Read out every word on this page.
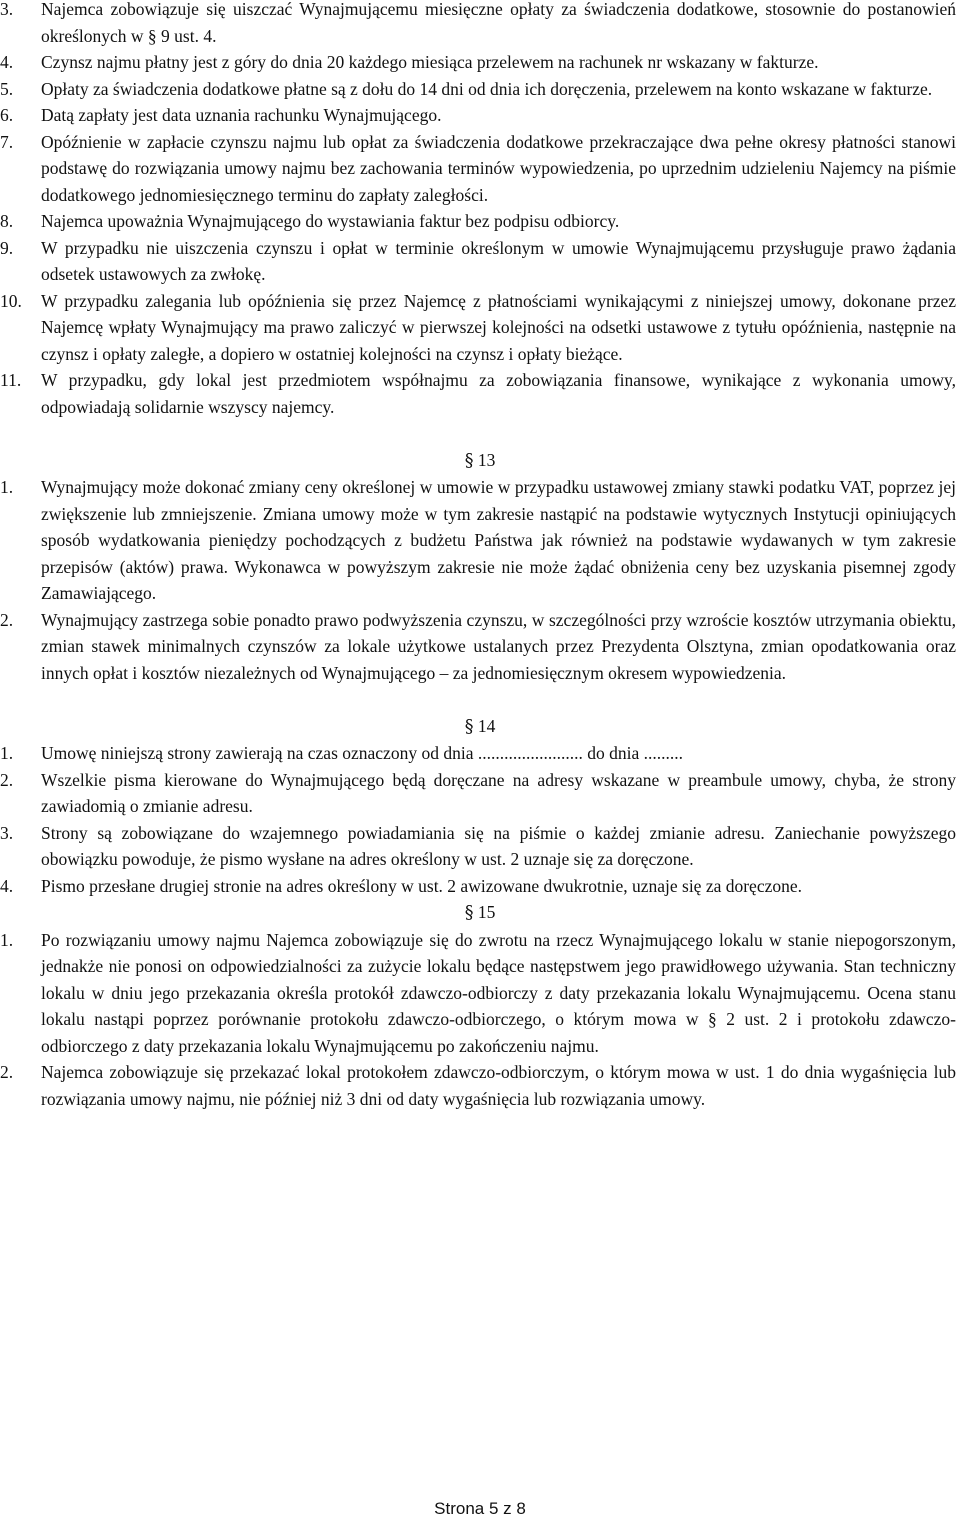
3. Najemca zobowiązuje się uiszczać Wynajmującemu miesięczne opłaty za świadczenia dodatkowe, stosownie do postanowień określonych w § 9 ust. 4.
4. Czynsz najmu płatny jest z góry do dnia 20 każdego miesiąca przelewem na rachunek nr wskazany w fakturze.
5. Opłaty za świadczenia dodatkowe płatne są z dołu do 14 dni od dnia ich doręczenia, przelewem na konto wskazane w fakturze.
6. Datą zapłaty jest data uznania rachunku Wynajmującego.
7. Opóźnienie w zapłacie czynszu najmu lub opłat za świadczenia dodatkowe przekraczające dwa pełne okresy płatności stanowi podstawę do rozwiązania umowy najmu bez zachowania terminów wypowiedzenia, po uprzednim udzieleniu Najemcy na piśmie dodatkowego jednomiesięcznego terminu do zapłaty zaległości.
8. Najemca upoważnia Wynajmującego do wystawiania faktur bez podpisu odbiorcy.
9. W przypadku nie uiszczenia czynszu i opłat w terminie określonym w umowie Wynajmującemu przysługuje prawo żądania odsetek ustawowych za zwłokę.
10. W przypadku zalegania lub opóźnienia się przez Najemcę z płatnościami wynikającymi z niniejszej umowy, dokonane przez Najemcę wpłaty Wynajmujący ma prawo zaliczyć w pierwszej kolejności na odsetki ustawowe z tytułu opóźnienia, następnie na czynsz i opłaty zaległe, a dopiero w ostatniej kolejności na czynsz i opłaty bieżące.
11. W przypadku, gdy lokal jest przedmiotem współnajmu za zobowiązania finansowe, wynikające z wykonania umowy, odpowiadają solidarnie wszyscy najemcy.
§ 13
1. Wynajmujący może dokonać zmiany ceny określonej w umowie w przypadku ustawowej zmiany stawki podatku VAT, poprzez jej zwiększenie lub zmniejszenie. Zmiana umowy może w tym zakresie nastąpić na podstawie wytycznych Instytucji opiniujących sposób wydatkowania pieniędzy pochodzących z budżetu Państwa jak również na podstawie wydawanych w tym zakresie przepisów (aktów) prawa. Wykonawca w powyższym zakresie nie może żądać obniżenia ceny bez uzyskania pisemnej zgody Zamawiającego.
2. Wynajmujący zastrzega sobie ponadto prawo podwyższenia czynszu, w szczególności przy wzroście kosztów utrzymania obiektu, zmian stawek minimalnych czynszów za lokale użytkowe ustalanych przez Prezydenta Olsztyna, zmian opodatkowania oraz innych opłat i kosztów niezależnych od Wynajmującego – za jednomiesięcznym okresem wypowiedzenia.
§ 14
1. Umowę niniejszą strony zawierają na czas oznaczony od dnia ........................ do dnia .........
2. Wszelkie pisma kierowane do Wynajmującego będą doręczane na adresy wskazane w preambule umowy, chyba, że strony zawiadomią o zmianie adresu.
3. Strony są zobowiązane do wzajemnego powiadamiania się na piśmie o każdej zmianie adresu. Zaniechanie powyższego obowiązku powoduje, że pismo wysłane na adres określony w ust. 2 uznaje się za doręczone.
4. Pismo przesłane drugiej stronie na adres określony w ust. 2 awizowane dwukrotnie, uznaje się za doręczone.
§ 15
1. Po rozwiązaniu umowy najmu Najemca zobowiązuje się do zwrotu na rzecz Wynajmującego lokalu w stanie niepogorszonym, jednakże nie ponosi on odpowiedzialności za zużycie lokalu będące następstwem jego prawidłowego używania. Stan techniczny lokalu w dniu jego przekazania określa protokół zdawczo-odbiorczy z daty przekazania lokalu Wynajmującemu. Ocena stanu lokalu nastąpi poprzez porównanie protokołu zdawczo-odbiorczego, o którym mowa w § 2 ust. 2 i protokołu zdawczo-odbiorczego z daty przekazania lokalu Wynajmującemu po zakończeniu najmu.
2. Najemca zobowiązuje się przekazać lokal protokołem zdawczo-odbiorczym, o którym mowa w ust. 1 do dnia wygaśnięcia lub rozwiązania umowy najmu, nie później niż 3 dni od daty wygaśnięcia lub rozwiązania umowy.
Strona 5 z 8
